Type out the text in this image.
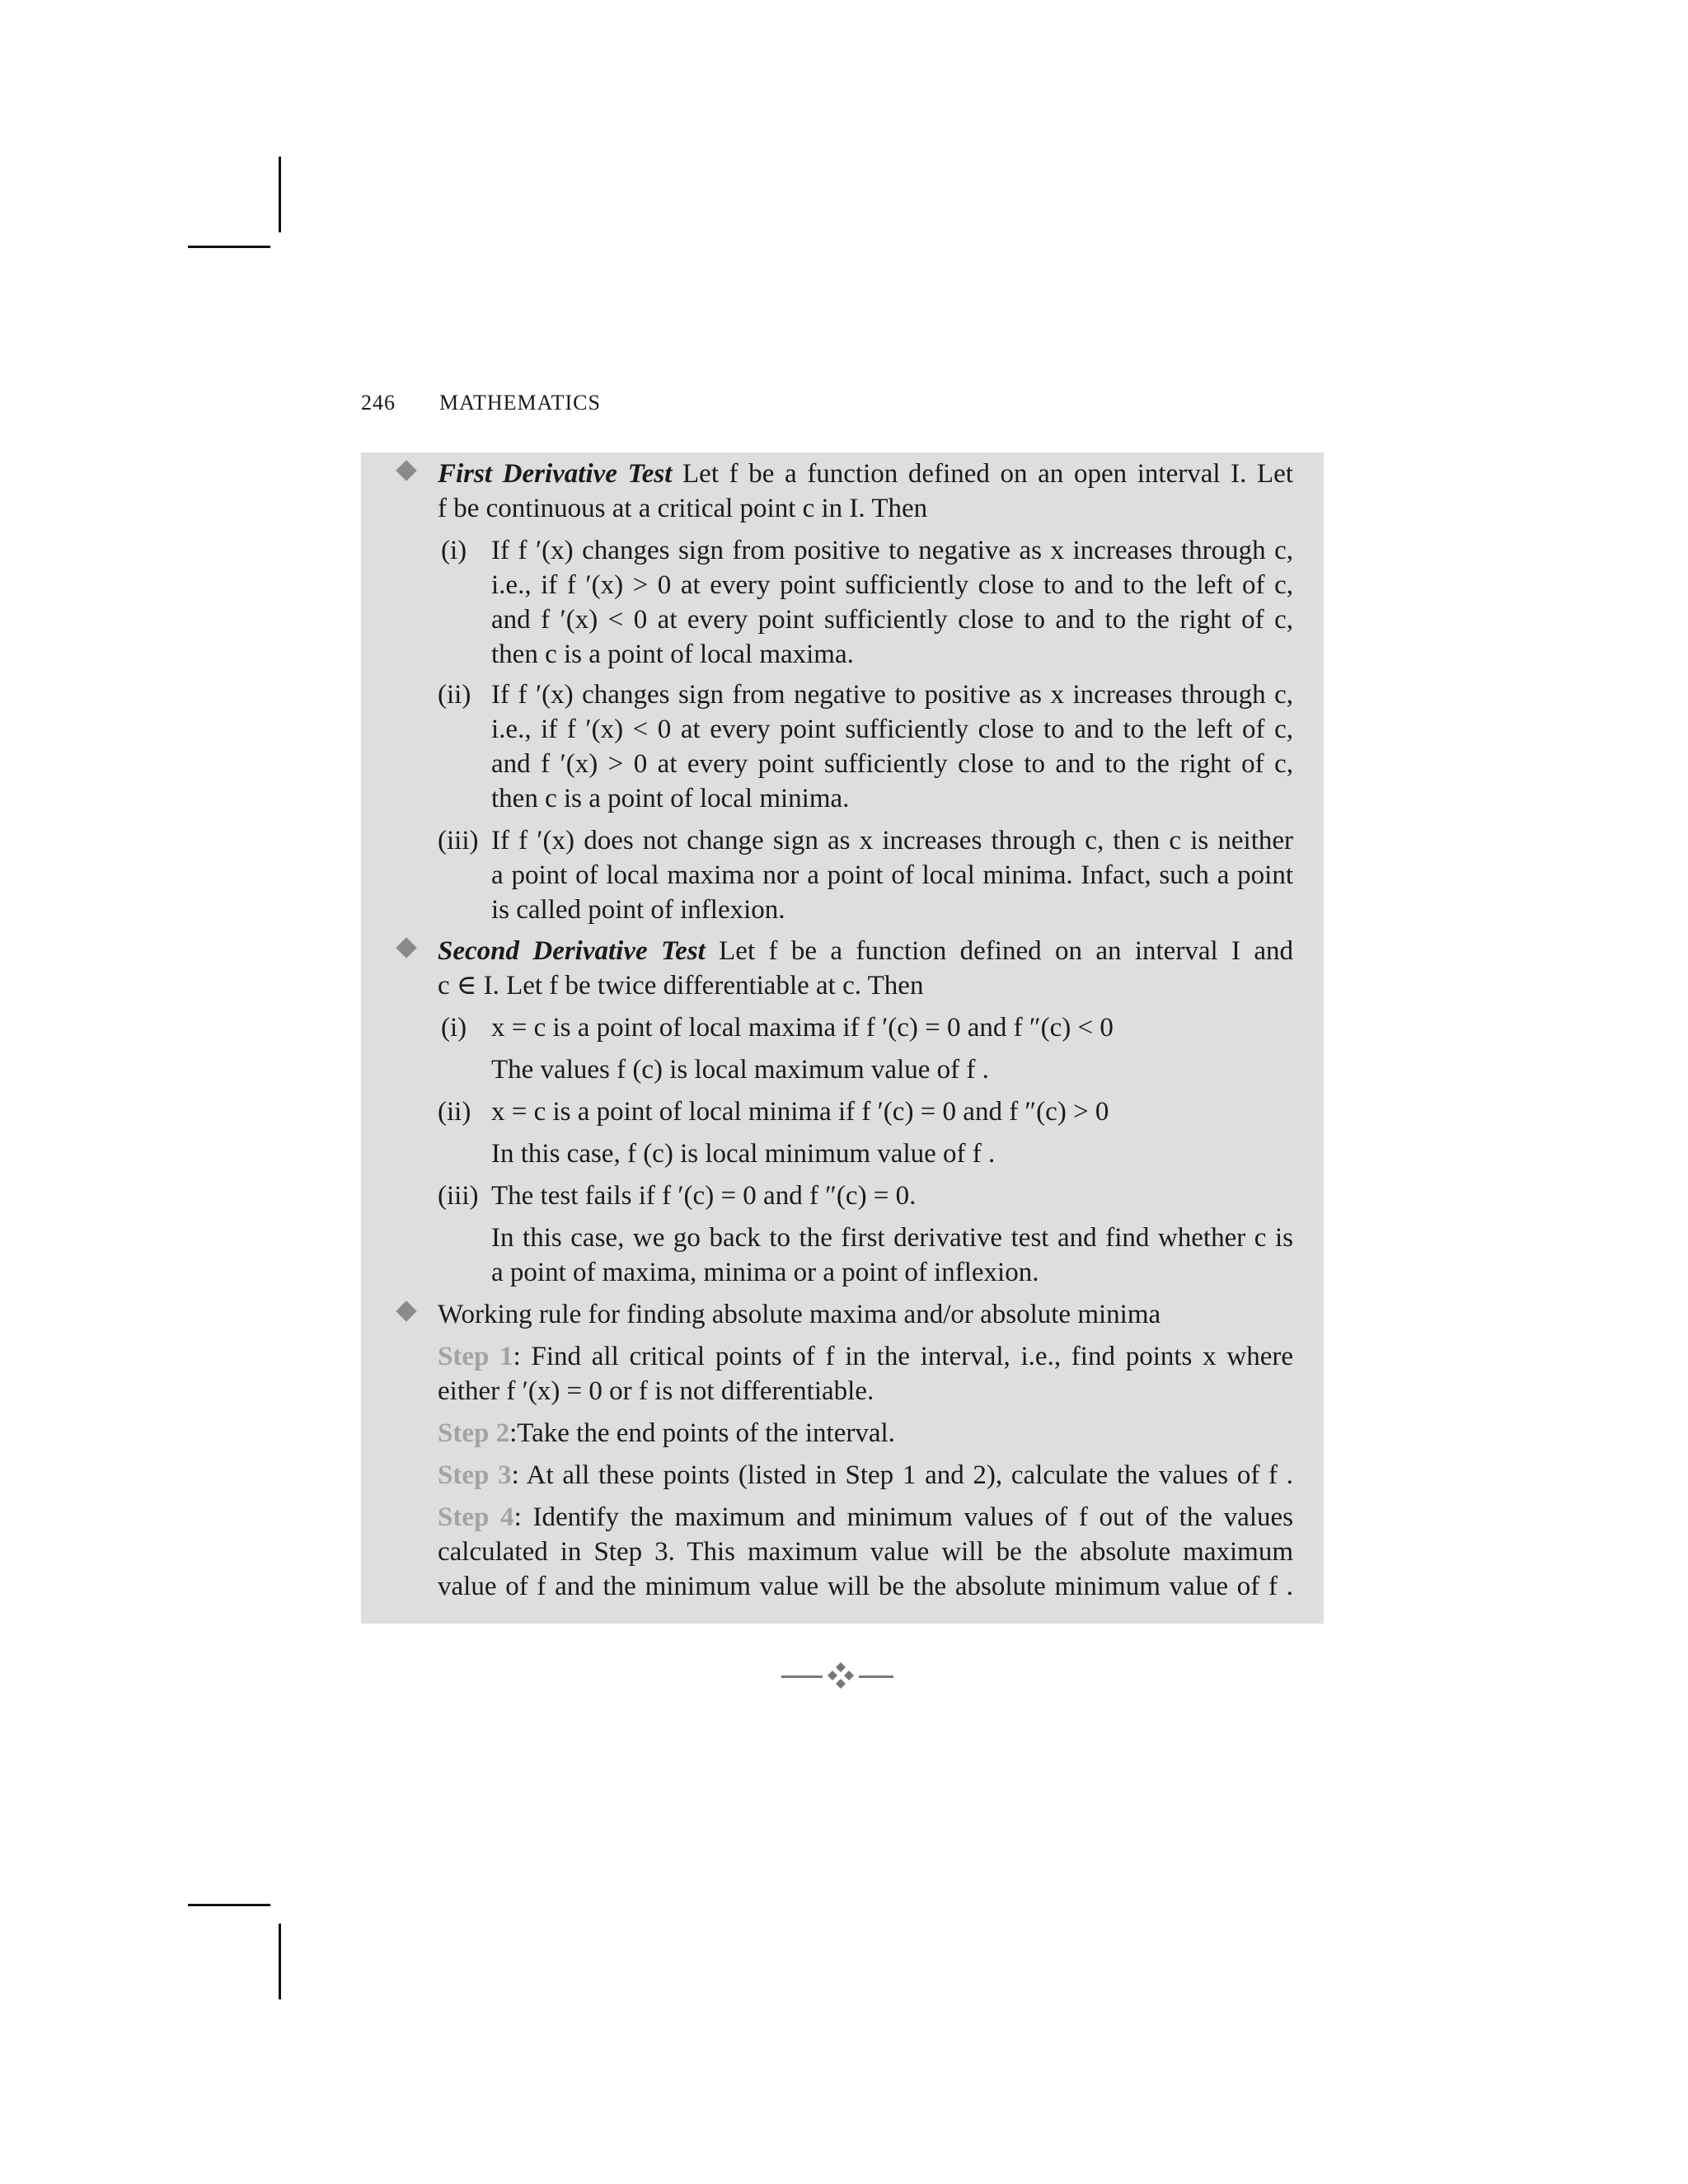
246 MATHEMATICS
First Derivative Test Let f be a function defined on an open interval I. Let
f be continuous at a critical point c in I. Then
(i) If f ′(x) changes sign from positive to negative as x increases through c,
i.e., if f ′(x) > 0 at every point sufficiently close to and to the left of c,
and f ′(x) < 0 at every point sufficiently close to and to the right of c,
then c is a point of local maxima.
(ii) If f ′(x) changes sign from negative to positive as x increases through c,
i.e., if f ′(x) < 0 at every point sufficiently close to and to the left of c,
and f ′(x) > 0 at every point sufficiently close to and to the right of c,
then c is a point of local minima.
(iii) If f ′(x) does not change sign as x increases through c, then c is neither
a point of local maxima nor a point of local minima. Infact, such a point
is called point of inflexion.
Second Derivative Test Let f be a function defined on an interval I and
c ∈ I. Let f be twice differentiable at c. Then
(i) x = c is a point of local maxima if f ′(c) = 0 and f ″(c) < 0
The values f (c) is local maximum value of f .
(ii) x = c is a point of local minima if f ′(c) = 0 and f ″(c) > 0
In this case, f (c) is local minimum value of f .
(iii) The test fails if f ′(c) = 0 and f ″(c) = 0.
In this case, we go back to the first derivative test and find whether c is
a point of maxima, minima or a point of inflexion.
Working rule for finding absolute maxima and/or absolute minima
Step 1: Find all critical points of f in the interval, i.e., find points x where
either f ′(x) = 0 or f is not differentiable.
Step 2:Take the end points of the interval.
Step 3: At all these points (listed in Step 1 and 2), calculate the values of f .
Step 4: Identify the maximum and minimum values of f out of the values
calculated in Step 3. This maximum value will be the absolute maximum
value of f and the minimum value will be the absolute minimum value of f .
